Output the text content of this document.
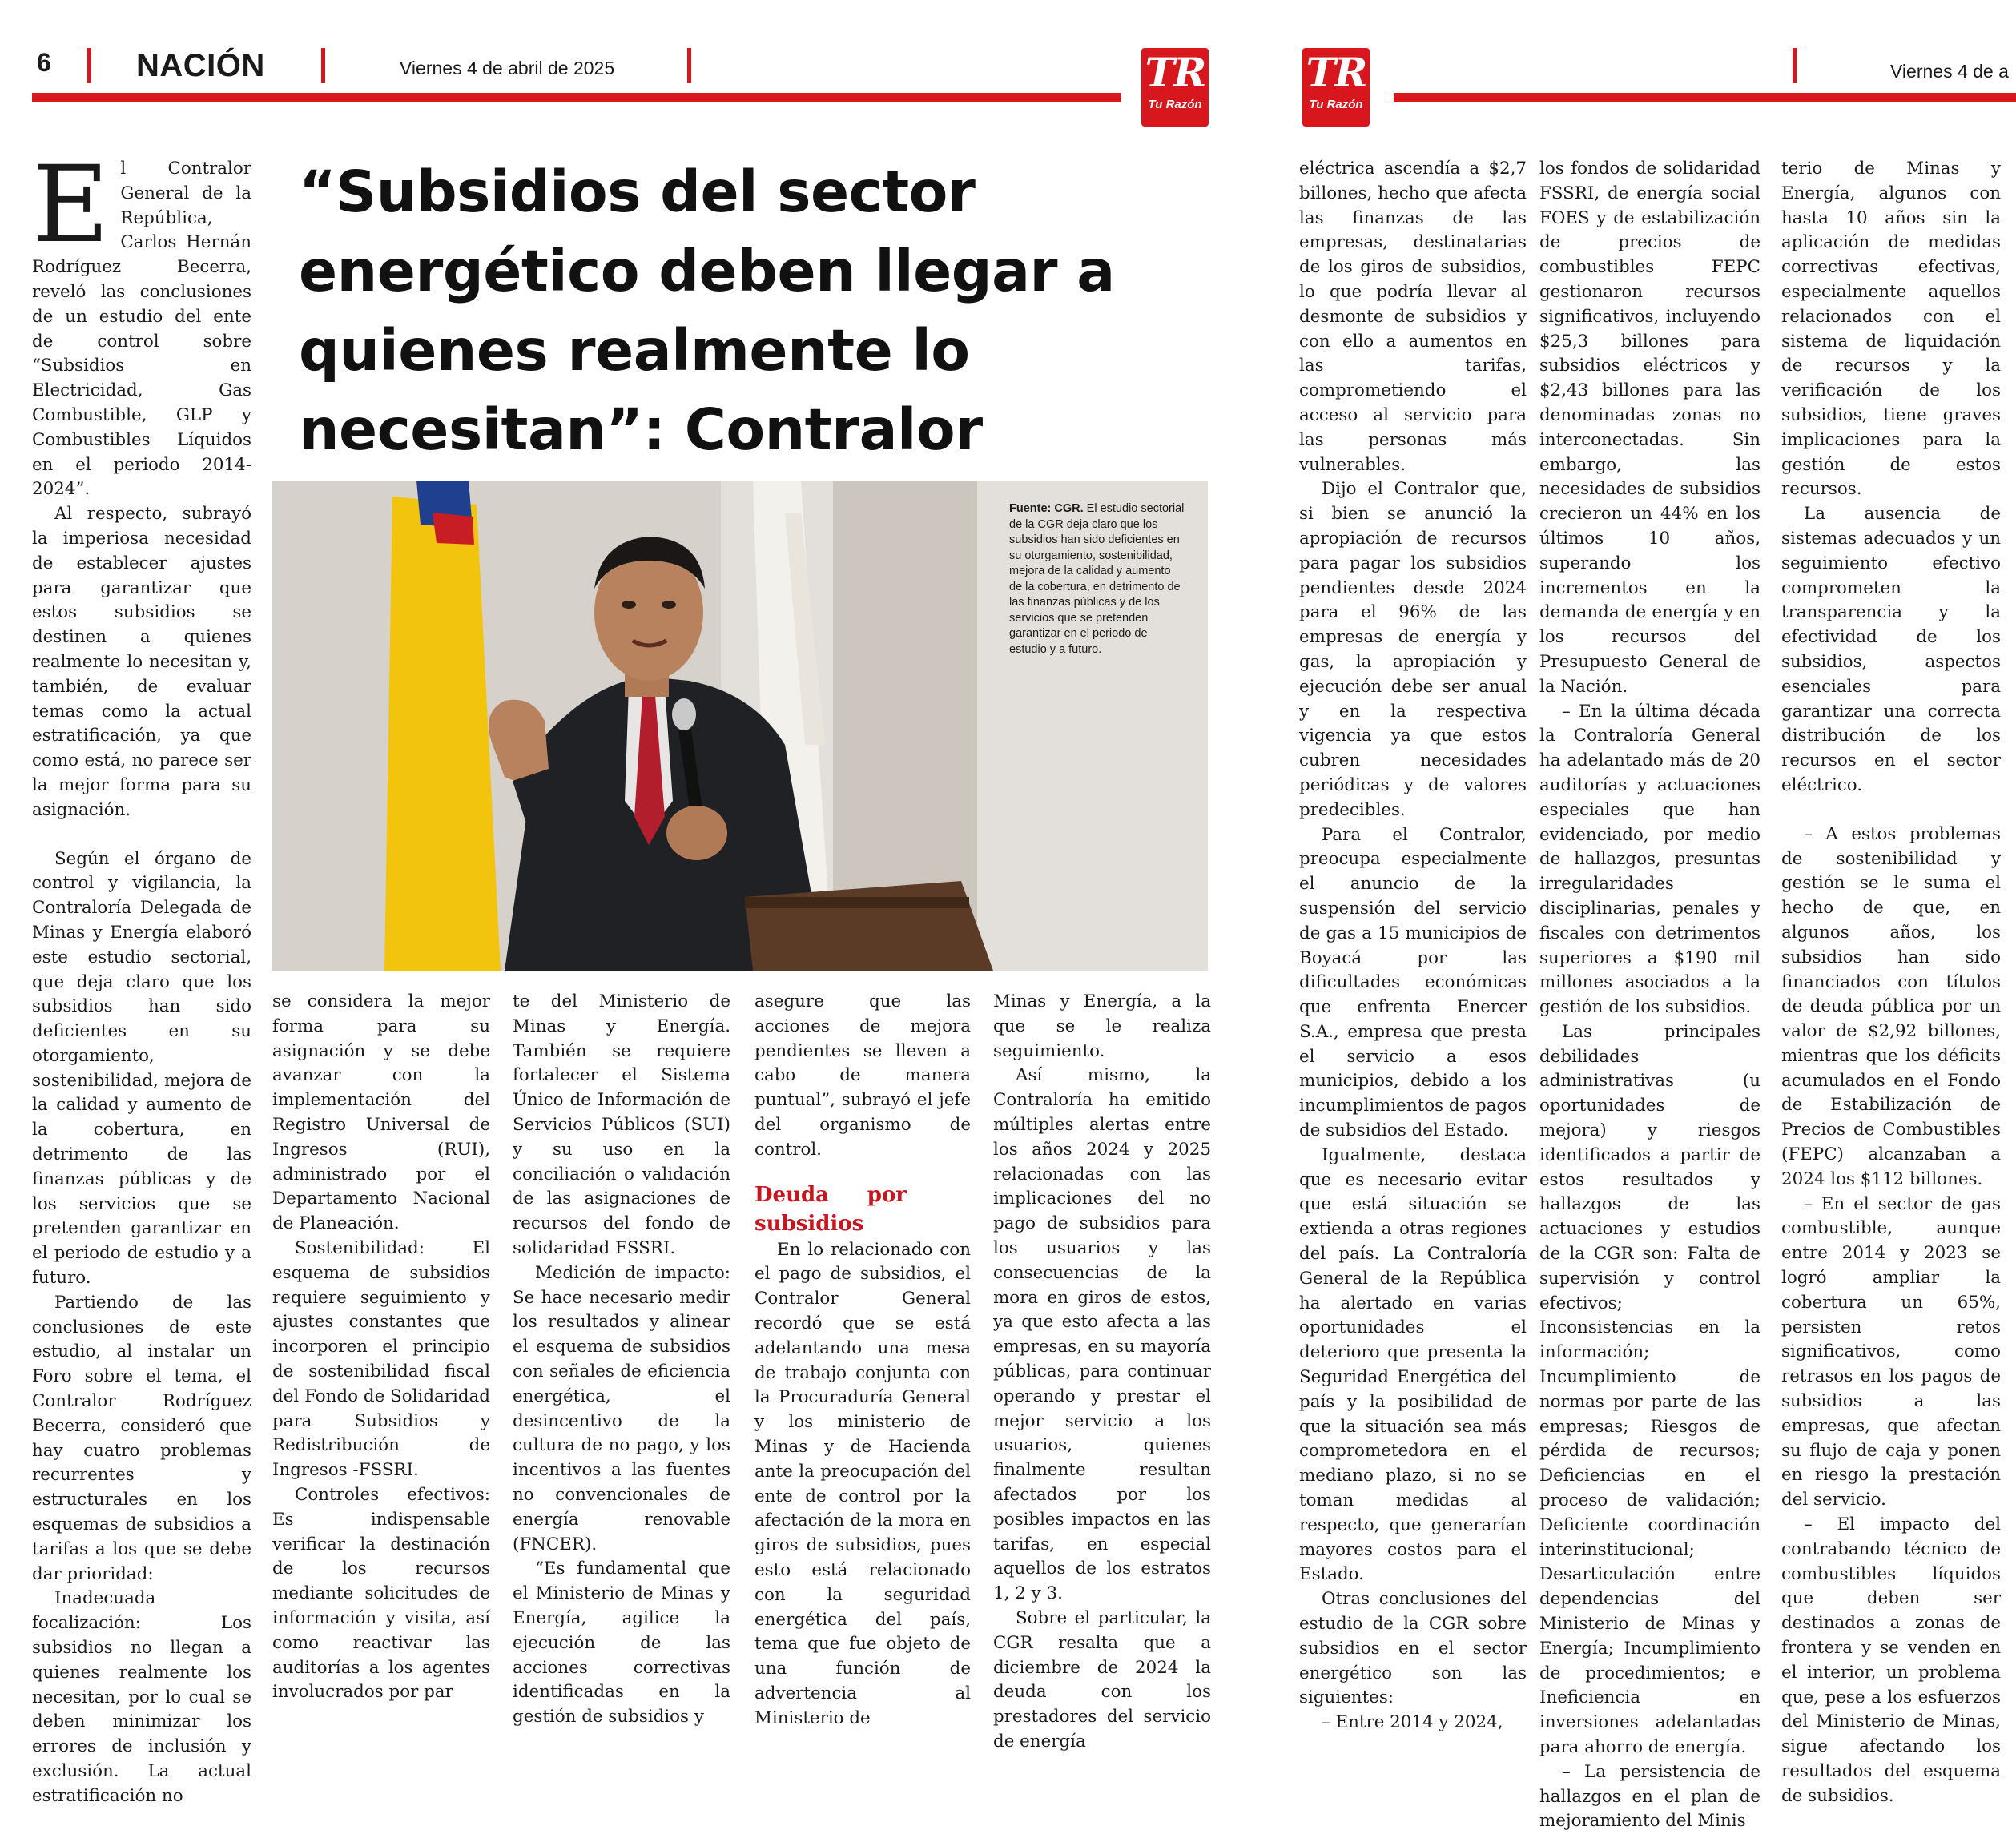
6	NACIÓN	Viernes 4 de abril de 2025	TR
Tu Razón
TR
Tu Razón
Viernes 4 de a
“Subsidios del sector energético deben llegar a quienes realmente lo necesitan”: Contralor
Fuente: CGR. El estudio sectorial de la CGR deja claro que los subsidios han sido deficientes en su otorgamiento, sostenibilidad, mejora de la calidad y aumento de la cobertura, en detrimento de las finanzas públicas y de los servicios que se pretenden garantizar en el periodo de estudio y a futuro.

El Contralor General de la República, Carlos Hernán Rodríguez Becerra, reveló las conclusiones de un estudio del ente de control sobre “Subsidios en Electricidad, Gas Combustible, GLP y Combustibles Líquidos en el periodo 2014-2024”.

Al respecto, subrayó la imperiosa necesidad de establecer ajustes para garantizar que estos subsidios se destinen a quienes realmente lo necesitan y, también, de evaluar temas como la actual estratificación, ya que como está, no parece ser la mejor forma para su asignación.

Según el órgano de control y vigilancia, la Contraloría Delegada de Minas y Energía elaboró este estudio sectorial, que deja claro que los subsidios han sido deficientes en su otorgamiento, sostenibilidad, mejora de la calidad y aumento de la cobertura, en detrimento de las finanzas públicas y de los servicios que se pretenden garantizar en el periodo de estudio y a futuro.

Partiendo de las conclusiones de este estudio, al instalar un Foro sobre el tema, el Contralor Rodríguez Becerra, consideró que hay cuatro problemas recurrentes y estructurales en los esquemas de subsidios a tarifas a los que se debe dar prioridad:

Inadecuada focalización: Los subsidios no llegan a quienes realmente los necesitan, por lo cual se deben minimizar los errores de inclusión y exclusión. La actual estratificación no

se considera la mejor forma para su asignación y se debe avanzar con la implementación del Registro Universal de Ingresos (RUI), administrado por el Departamento Nacional de Planeación.

Sostenibilidad: El esquema de subsidios requiere seguimiento y ajustes constantes que incorporen el principio de sostenibilidad fiscal del Fondo de Solidaridad para Subsidios y Redistribución de Ingresos -FSSRI.

Controles efectivos: Es indispensable verificar la destinación de los recursos mediante solicitudes de información y visita, así como reactivar las auditorías a los agentes involucrados por par

te del Ministerio de Minas y Energía. También se requiere fortalecer el Sistema Único de Información de Servicios Públicos (SUI) y su uso en la conciliación o validación de las asignaciones de recursos del fondo de solidaridad FSSRI.

Medición de impacto: Se hace necesario medir los resultados y alinear el esquema de subsidios con señales de eficiencia energética, el desincentivo de la cultura de no pago, y los incentivos a las fuentes no convencionales de energía renovable (FNCER).

“Es fundamental que el Ministerio de Minas y Energía, agilice la ejecución de las acciones correctivas identificadas en la gestión de subsidios y

asegure que las acciones de mejora pendientes se lleven a cabo de manera puntual”, subrayó el jefe del organismo de control.

Deuda por subsidios

En lo relacionado con el pago de subsidios, el Contralor General recordó que se está adelantando una mesa de trabajo conjunta con la Procuraduría General y los ministerio de Minas y de Hacienda ante la preocupación del ente de control por la afectación de la mora en giros de subsidios, pues esto está relacionado con la seguridad energética del país, tema que fue objeto de una función de advertencia al Ministerio de

Minas y Energía, a la que se le realiza seguimiento.

Así mismo, la Contraloría ha emitido múltiples alertas entre los años 2024 y 2025 relacionadas con las implicaciones del no pago de subsidios para los usuarios y las consecuencias de la mora en giros de estos, ya que esto afecta a las empresas, en su mayoría públicas, para continuar operando y prestar el mejor servicio a los usuarios, quienes finalmente resultan afectados por los posibles impactos en las tarifas, en especial aquellos de los estratos 1, 2 y 3.

Sobre el particular, la CGR resalta que a diciembre de 2024 la deuda con los prestadores del servicio de energía

eléctrica ascendía a $2,7 billones, hecho que afecta las finanzas de las empresas, destinatarias de los giros de subsidios, lo que podría llevar al desmonte de subsidios y con ello a aumentos en las tarifas, comprometiendo el acceso al servicio para las personas más vulnerables.

Dijo el Contralor que, si bien se anunció la apropiación de recursos para pagar los subsidios pendientes desde 2024 para el 96% de las empresas de energía y gas, la apropiación y ejecución debe ser anual y en la respectiva vigencia ya que estos cubren necesidades periódicas y de valores predecibles.

Para el Contralor, preocupa especialmente el anuncio de la suspensión del servicio de gas a 15 municipios de Boyacá por las dificultades económicas que enfrenta Enercer S.A., empresa que presta el servicio a esos municipios, debido a los incumplimientos de pagos de subsidios del Estado.

Igualmente, destaca que es necesario evitar que está situación se extienda a otras regiones del país. La Contraloría General de la República ha alertado en varias oportunidades el deterioro que presenta la Seguridad Energética del país y la posibilidad de que la situación sea más comprometedora en el mediano plazo, si no se toman medidas al respecto, que generarían mayores costos para el Estado.

Otras conclusiones del estudio de la CGR sobre subsidios en el sector energético son las siguientes:

– Entre 2014 y 2024,

los fondos de solidaridad FSSRI, de energía social FOES y de estabilización de precios de combustibles FEPC gestionaron recursos significativos, incluyendo $25,3 billones para subsidios eléctricos y $2,43 billones para las denominadas zonas no interconectadas. Sin embargo, las necesidades de subsidios crecieron un 44% en los últimos 10 años, superando los incrementos en la demanda de energía y en los recursos del Presupuesto General de la Nación.

– En la última década la Contraloría General ha adelantado más de 20 auditorías y actuaciones especiales que han evidenciado, por medio de hallazgos, presuntas irregularidades disciplinarias, penales y fiscales con detrimentos superiores a $190 mil millones asociados a la gestión de los subsidios.

Las principales debilidades administrativas (u oportunidades de mejora) y riesgos identificados a partir de estos resultados y hallazgos de las actuaciones y estudios de la CGR son: Falta de supervisión y control efectivos; Inconsistencias en la información; Incumplimiento de normas por parte de las empresas; Riesgos de pérdida de recursos; Deficiencias en el proceso de validación; Deficiente coordinación interinstitucional; Desarticulación entre dependencias del Ministerio de Minas y Energía; Incumplimiento de procedimientos; e Ineficiencia en inversiones adelantadas para ahorro de energía.

– La persistencia de hallazgos en el plan de mejoramiento del Minis

terio de Minas y Energía, algunos con hasta 10 años sin la aplicación de medidas correctivas efectivas, especialmente aquellos relacionados con el sistema de liquidación de recursos y la verificación de los subsidios, tiene graves implicaciones para la gestión de estos recursos.

La ausencia de sistemas adecuados y un seguimiento efectivo comprometen la transparencia y la efectividad de los subsidios, aspectos esenciales para garantizar una correcta distribución de los recursos en el sector eléctrico.

– A estos problemas de sostenibilidad y gestión se le suma el hecho de que, en algunos años, los subsidios han sido financiados con títulos de deuda pública por un valor de $2,92 billones, mientras que los déficits acumulados en el Fondo de Estabilización de Precios de Combustibles (FEPC) alcanzaban a 2024 los $112 billones.

– En el sector de gas combustible, aunque entre 2014 y 2023 se logró ampliar la cobertura un 65%, persisten retos significativos, como retrasos en los pagos de subsidios a las empresas, que afectan su flujo de caja y ponen en riesgo la prestación del servicio.

– El impacto del contrabando técnico de combustibles líquidos que deben ser destinados a zonas de frontera y se venden en el interior, un problema que, pese a los esfuerzos del Ministerio de Minas, sigue afectando los resultados del esquema de subsidios.
